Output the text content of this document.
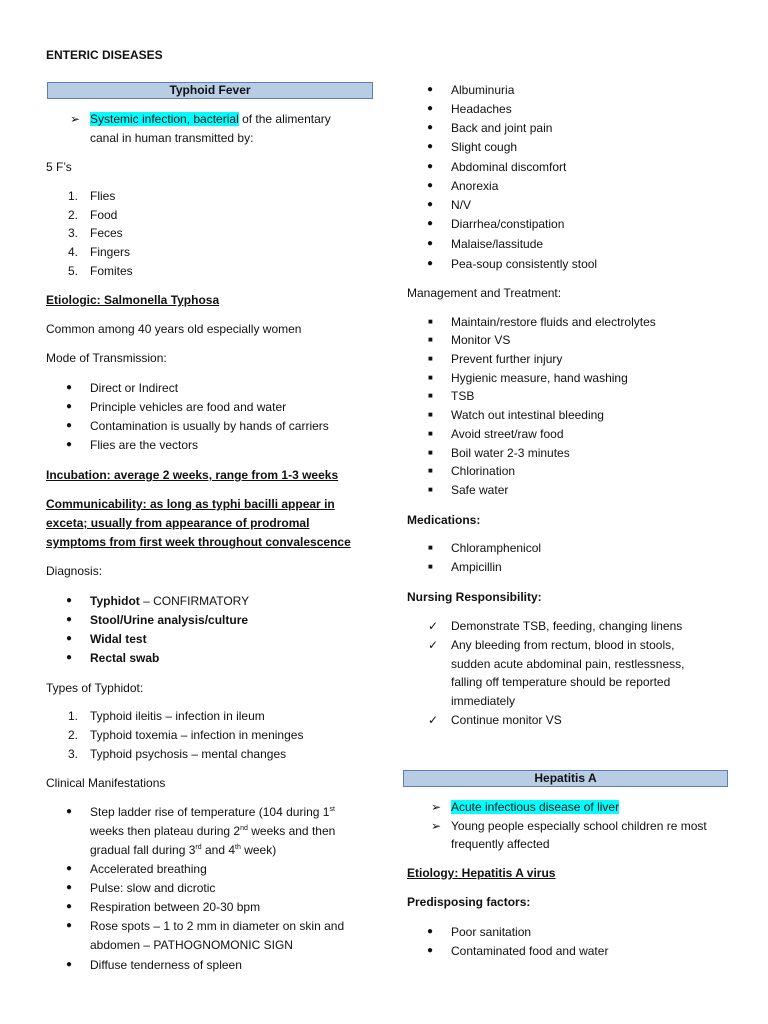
ENTERIC DISEASES
Typhoid Fever
➢ Systemic infection, bacterial of the alimentary
canal in human transmitted by:
5 F’s
1. Flies
2. Food
3. Feces
4. Fingers
5. Fomites
Etiologic: Salmonella Typhosa
Common among 40 years old especially women
Mode of Transmission:
● Direct or Indirect
● Principle vehicles are food and water
● Contamination is usually by hands of carriers
● Flies are the vectors
Incubation: average 2 weeks, range from 1-3 weeks
Communicability: as long as typhi bacilli appear in
exceta; usually from appearance of prodromal
symptoms from first week throughout convalescence
Diagnosis:
● Typhidot – CONFIRMATORY
● Stool/Urine analysis/culture
● Widal test
● Rectal swab
Types of Typhidot:
1. Typhoid ileitis – infection in ileum
2. Typhoid toxemia – infection in meninges
3. Typhoid psychosis – mental changes
Clinical Manifestations
● Step ladder rise of temperature (104 during 1st
weeks then plateau during 2nd weeks and then
gradual fall during 3rd and 4th week)
● Accelerated breathing
● Pulse: slow and dicrotic
● Respiration between 20-30 bpm
● Rose spots – 1 to 2 mm in diameter on skin and
abdomen – PATHOGNOMONIC SIGN
● Diffuse tenderness of spleen
● Albuminuria
● Headaches
● Back and joint pain
● Slight cough
● Abdominal discomfort
● Anorexia
● N/V
● Diarrhea/constipation
● Malaise/lassitude
● Pea-soup consistently stool
Management and Treatment:
■ Maintain/restore fluids and electrolytes
■ Monitor VS
■ Prevent further injury
■ Hygienic measure, hand washing
■ TSB
■ Watch out intestinal bleeding
■ Avoid street/raw food
■ Boil water 2-3 minutes
■ Chlorination
■ Safe water
Medications:
■ Chloramphenicol
■ Ampicillin
Nursing Responsibility:
✓ Demonstrate TSB, feeding, changing linens
✓ Any bleeding from rectum, blood in stools,
sudden acute abdominal pain, restlessness,
falling off temperature should be reported
immediately
✓ Continue monitor VS
Hepatitis A
➢ Acute infectious disease of liver
➢ Young people especially school children re most
frequently affected
Etiology: Hepatitis A virus
Predisposing factors:
● Poor sanitation
● Contaminated food and water
